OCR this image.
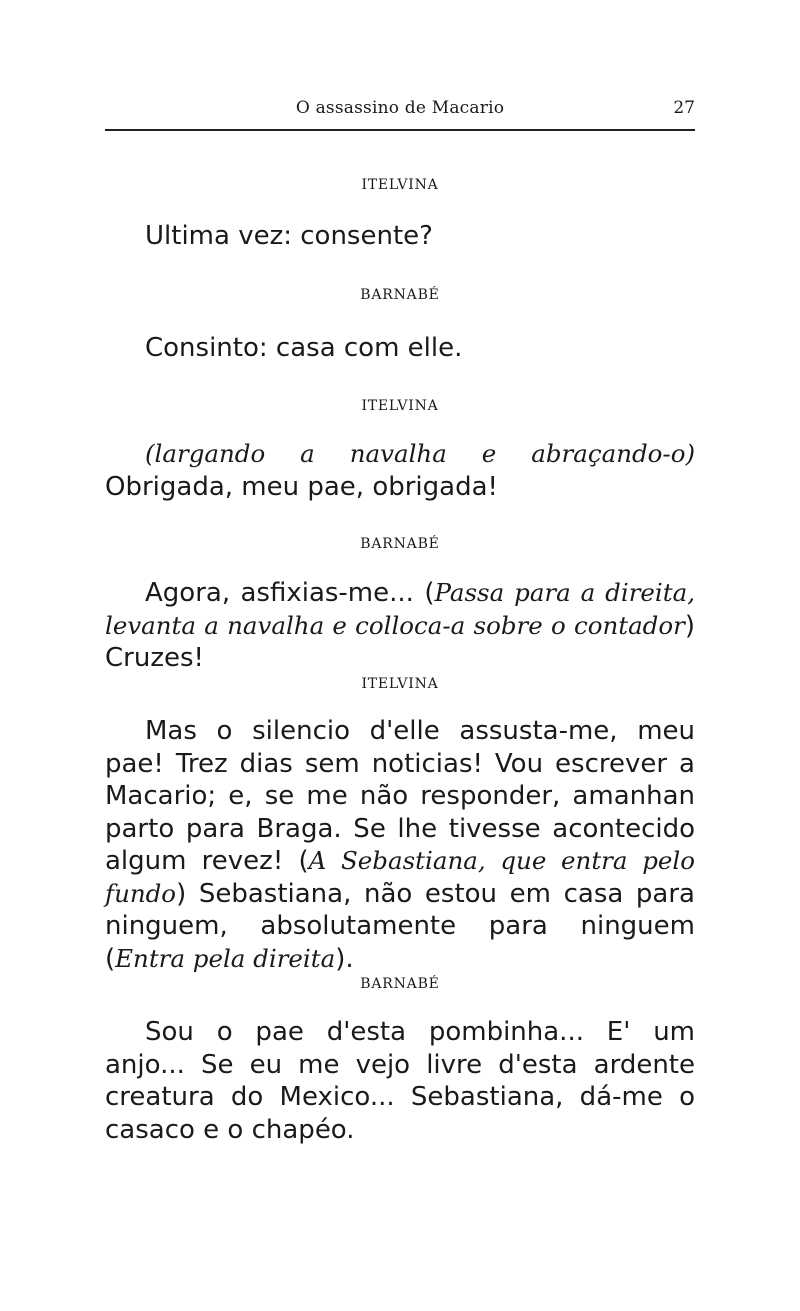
O assassino de Macario	27
ITELVINA

Ultima vez: consente?

BARNABÉ

Consinto: casa com elle.

ITELVINA

(largando a navalha e abraçando-o) Obrigada, meu pae, obrigada!

BARNABÉ

Agora, asfixias-me... (Passa para a direita, levanta a navalha e colloca-a sobre o contador) Cruzes!

ITELVINA

Mas o silencio d'elle assusta-me, meu pae! Trez dias sem noticias! Vou escrever a Macario; e, se me não responder, amanhan parto para Braga. Se lhe tivesse acontecido algum revez! (A Sebastiana, que entra pelo fundo) Sebastiana, não estou em casa para ninguem, absolutamente para ninguem (Entra pela direita).

BARNABÉ

Sou o pae d'esta pombinha... E' um anjo... Se eu me vejo livre d'esta ardente creatura do Mexico... Sebastiana, dá-me o casaco e o chapéo.
